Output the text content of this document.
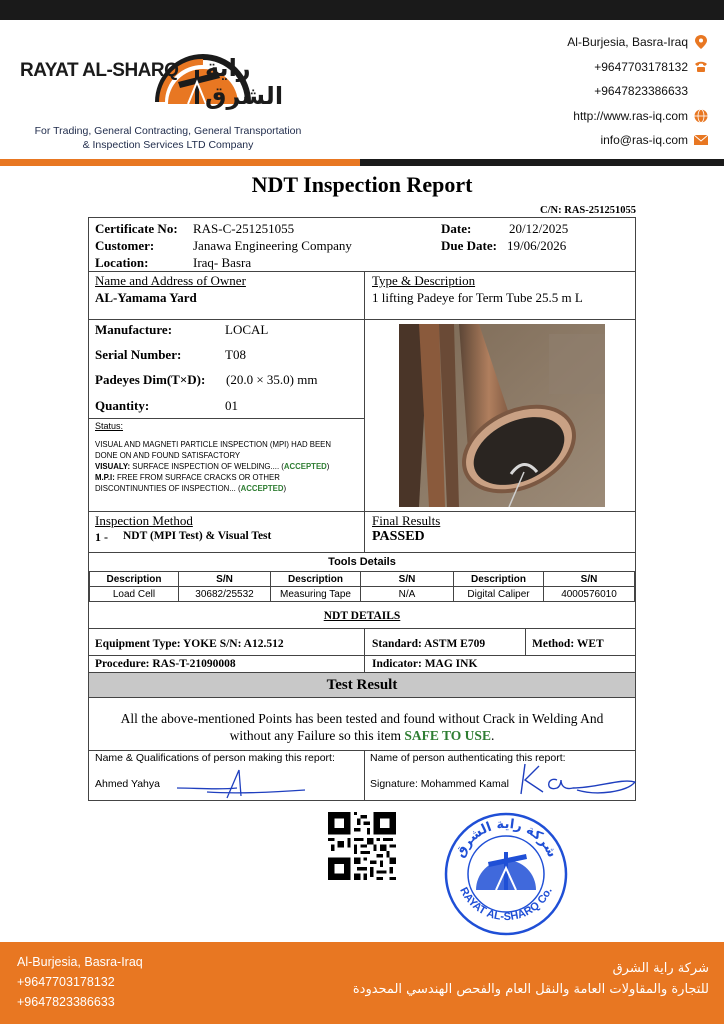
RAYAT AL-SHARQ راية الشرق
For Trading, General Contracting, General Transportation
& Inspection Services LTD Company
Al-Burjesia, Basra-Iraq
+9647703178132
+9647823386633
http://www.ras-iq.com
info@ras-iq.com
NDT Inspection Report
C/N: RAS-251251055
Certificate No: RAS-C-251251055	Date:	20/12/2025
Customer:	Janawa Engineering Company	Due Date: 19/06/2026
Location:	Iraq- Basra
Name and Address of Owner
AL-Yamama Yard
Type & Description
1 lifting Padeye for Term Tube 25.5 m L
Manufacture:	LOCAL
Serial Number:	T08
Padeyes Dim(T×D): (20.0 × 35.0) mm
Quantity:	01
Status:
VISUAL AND MAGNETI PARTICLE INSPECTION (MPI) HAD BEEN
DONE ON AND FOUND SATISFACTORY
VISUALY: SURFACE INSPECTION OF WELDING.... (ACCEPTED)
M.P.I: FREE FROM SURFACE CRACKS OR OTHER
DISCONTINUNTIES OF INSPECTION... (ACCEPTED)
Inspection Method
1 - NDT (MPI Test) & Visual Test
Final Results
PASSED
Tools Details
Description	S/N	Description	S/N	Description	S/N
Load Cell	30682/25532	Measuring Tape	N/A	Digital Caliper	4000576010
NDT DETAILS
Equipment Type: YOKE S/N: A12.512	Standard: ASTM E709	Method: WET
Procedure: RAS-T-21090008	Indicator: MAG INK
Test Result
All the above-mentioned Points has been tested and found without Crack in Welding And
without any Failure so this item SAFE TO USE.
Name & Qualifications of person making this report:
Ahmed Yahya
Name of person authenticating this report:
Signature: Mohammed Kamal
شركة راية الشرق
RAYAT AL-SHARQ Co.
Al-Burjesia, Basra-Iraq
+9647703178132
+9647823386633
شركة راية الشرق
للتجارة والمقاولات العامة والنقل العام والفحص الهندسي المحدودة
